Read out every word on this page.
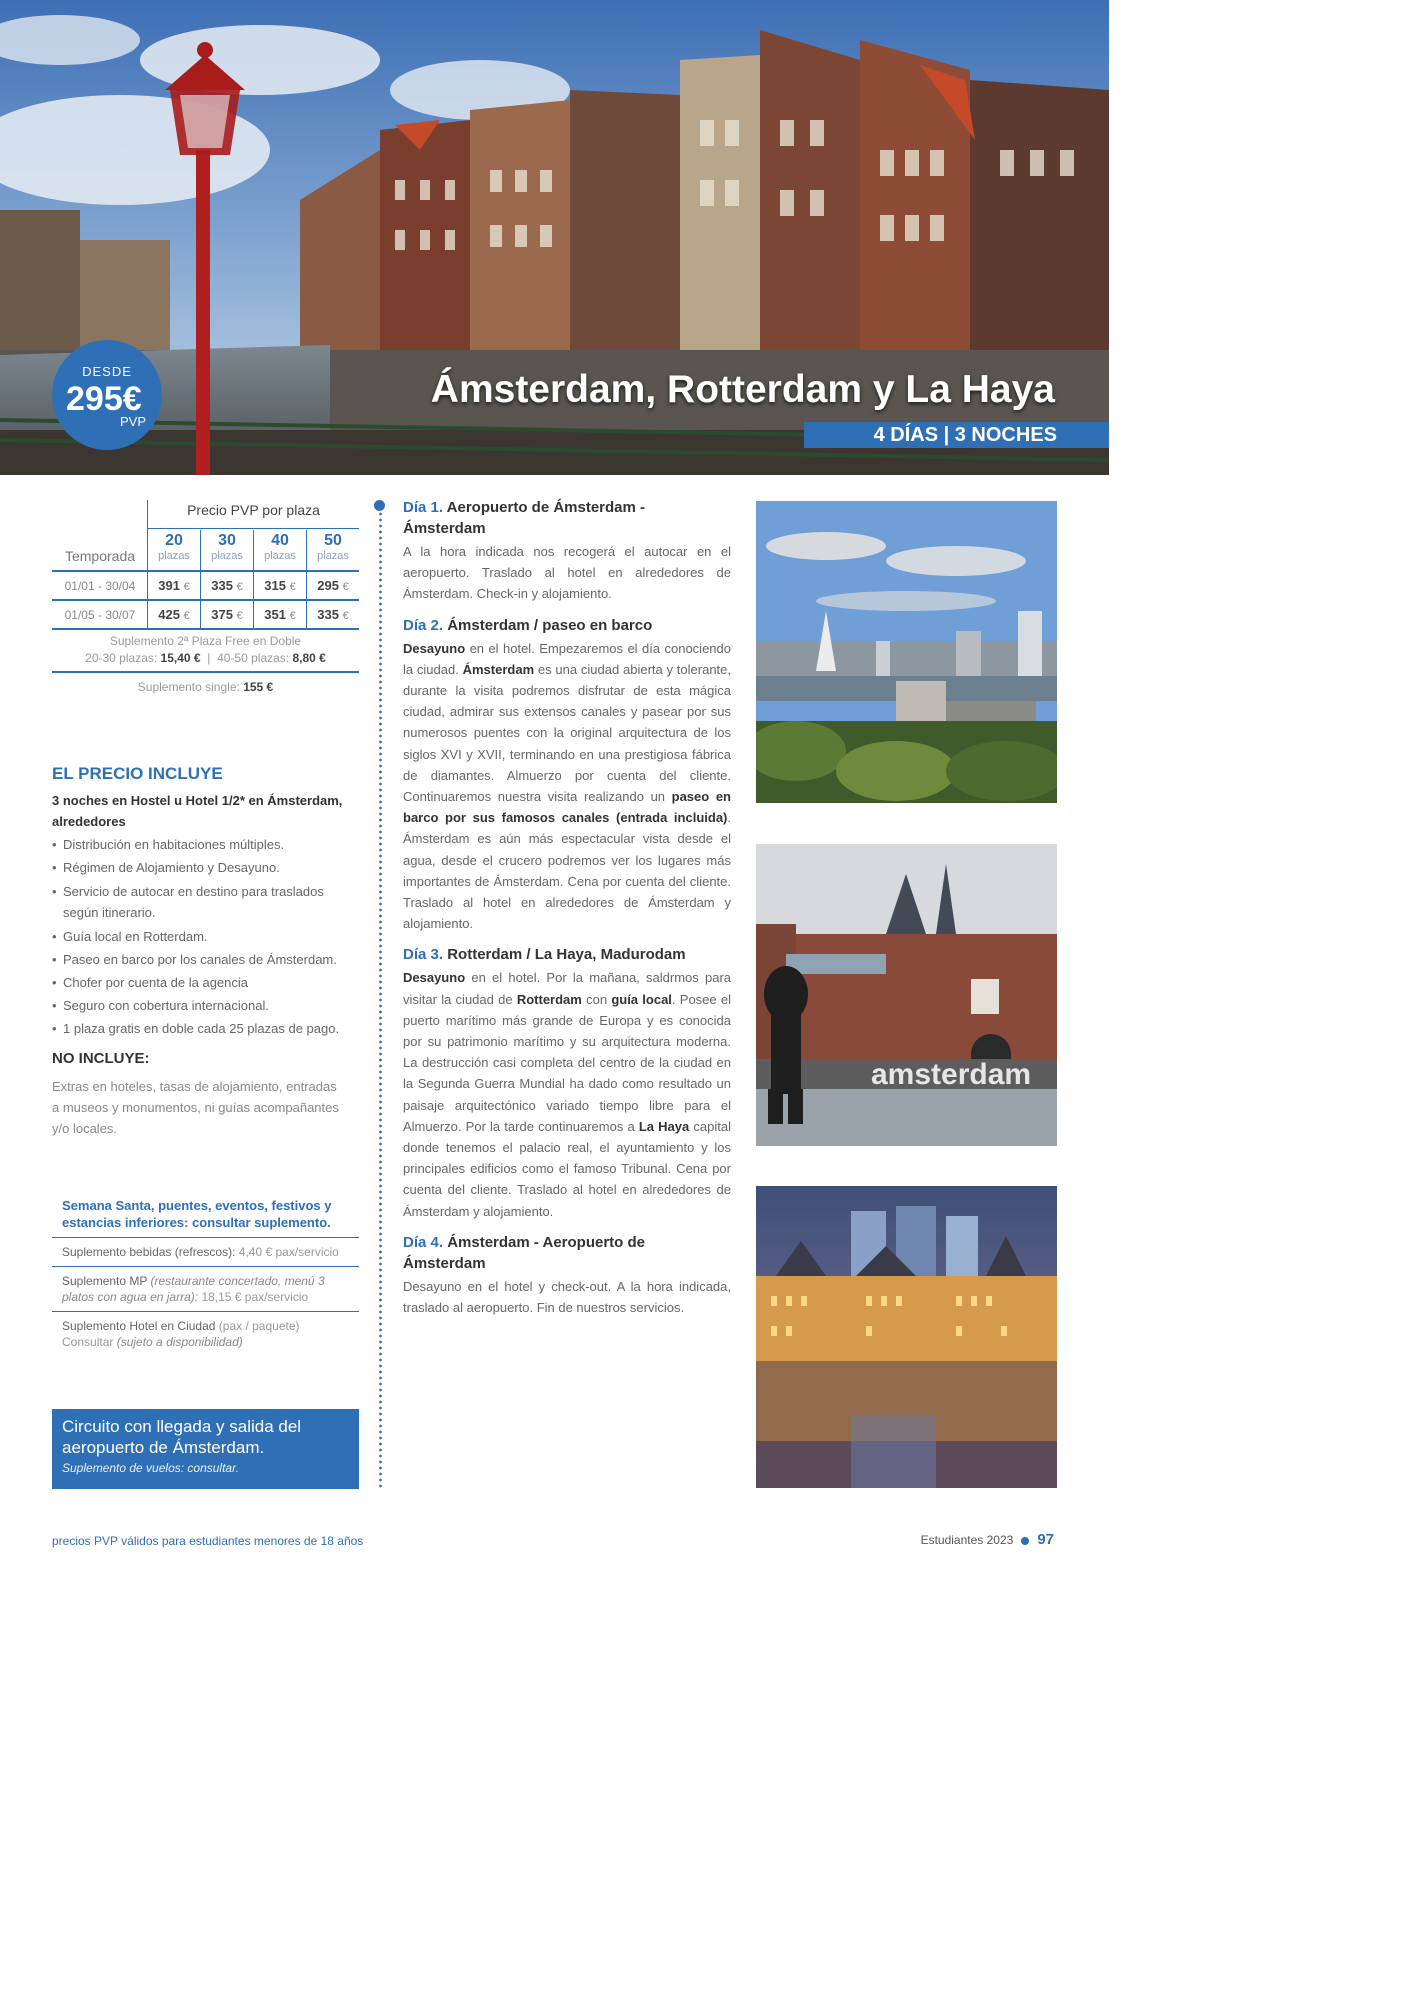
DESDE
295€
PVP
Ámsterdam, Rotterdam y La Haya
4 DÍAS | 3 NOCHES
Precio PVP por plaza
Temporada
20
plazas
30
plazas
40
plazas
50
plazas
01/01 - 30/04	391 €	335 €	315 €	295 €
01/05 - 30/07	425 €	375 €	351 €	335 €
Suplemento 2ª Plaza Free en Doble
20-30 plazas: 15,40 € | 40-50 plazas: 8,80 €
Suplemento single: 155 €
EL PRECIO INCLUYE
3 noches en Hostel u Hotel 1/2* en Ámsterdam, alrededores
• Distribución en habitaciones múltiples.
• Régimen de Alojamiento y Desayuno.
• Servicio de autocar en destino para traslados según itinerario.
• Guía local en Rotterdam.
• Paseo en barco por los canales de Ámsterdam.
• Chofer por cuenta de la agencia
• Seguro con cobertura internacional.
• 1 plaza gratis en doble cada 25 plazas de pago.
NO INCLUYE:
Extras en hoteles, tasas de alojamiento, entradas a museos y monumentos, ni guías acompañantes y/o locales.
Semana Santa, puentes, eventos, festivos y estancias inferiores: consultar suplemento.
Suplemento bebidas (refrescos): 4,40 € pax/servicio
Suplemento MP (restaurante concertado, menú 3 platos con agua en jarra): 18,15 € pax/servicio
Suplemento Hotel en Ciudad (pax / paquete)
Consultar (sujeto a disponibilidad)
Circuito con llegada y salida del aeropuerto de Ámsterdam.
Suplemento de vuelos: consultar.
Día 1. Aeropuerto de Ámsterdam - Ámsterdam

A la hora indicada nos recogerá el autocar en el aeropuerto. Traslado al hotel en alrededores de Ámsterdam. Check-in y alojamiento.

Día 2. Ámsterdam / paseo en barco

Desayuno en el hotel. Empezaremos el día conociendo la ciudad. Ámsterdam es una ciudad abierta y tolerante, durante la visita podremos disfrutar de esta mágica ciudad, admirar sus extensos canales y pasear por sus numerosos puentes con la original arquitectura de los siglos XVI y XVII, terminando en una prestigiosa fábrica de diamantes. Almuerzo por cuenta del cliente. Continuaremos nuestra visita realizando un paseo en barco por sus famosos canales (entrada incluida). Ámsterdam es aún más espectacular vista desde el agua, desde el crucero podremos ver los lugares más importantes de Ámsterdam. Cena por cuenta del cliente. Traslado al hotel en alrededores de Ámsterdam y alojamiento.

Día 3. Rotterdam / La Haya, Madurodam

Desayuno en el hotel. Por la mañana, saldrmos para visitar la ciudad de Rotterdam con guía local. Posee el puerto marítimo más grande de Europa y es conocida por su patrimonio marítimo y su arquitectura moderna. La destrucción casi completa del centro de la ciudad en la Segunda Guerra Mundial ha dado como resultado un paisaje arquitectónico variado tiempo libre para el Almuerzo. Por la tarde continuaremos a La Haya capital donde tenemos el palacio real, el ayuntamiento y los principales edificios como el famoso Tribunal. Cena por cuenta del cliente. Traslado al hotel en alrededores de Ámsterdam y alojamiento.

Día 4. Ámsterdam - Aeropuerto de Ámsterdam

Desayuno en el hotel y check-out. A la hora indicada, traslado al aeropuerto. Fin de nuestros servicios.

amsterdam
precios PVP válidos para estudiantes menores de 18 años	Estudiantes 2023 97
